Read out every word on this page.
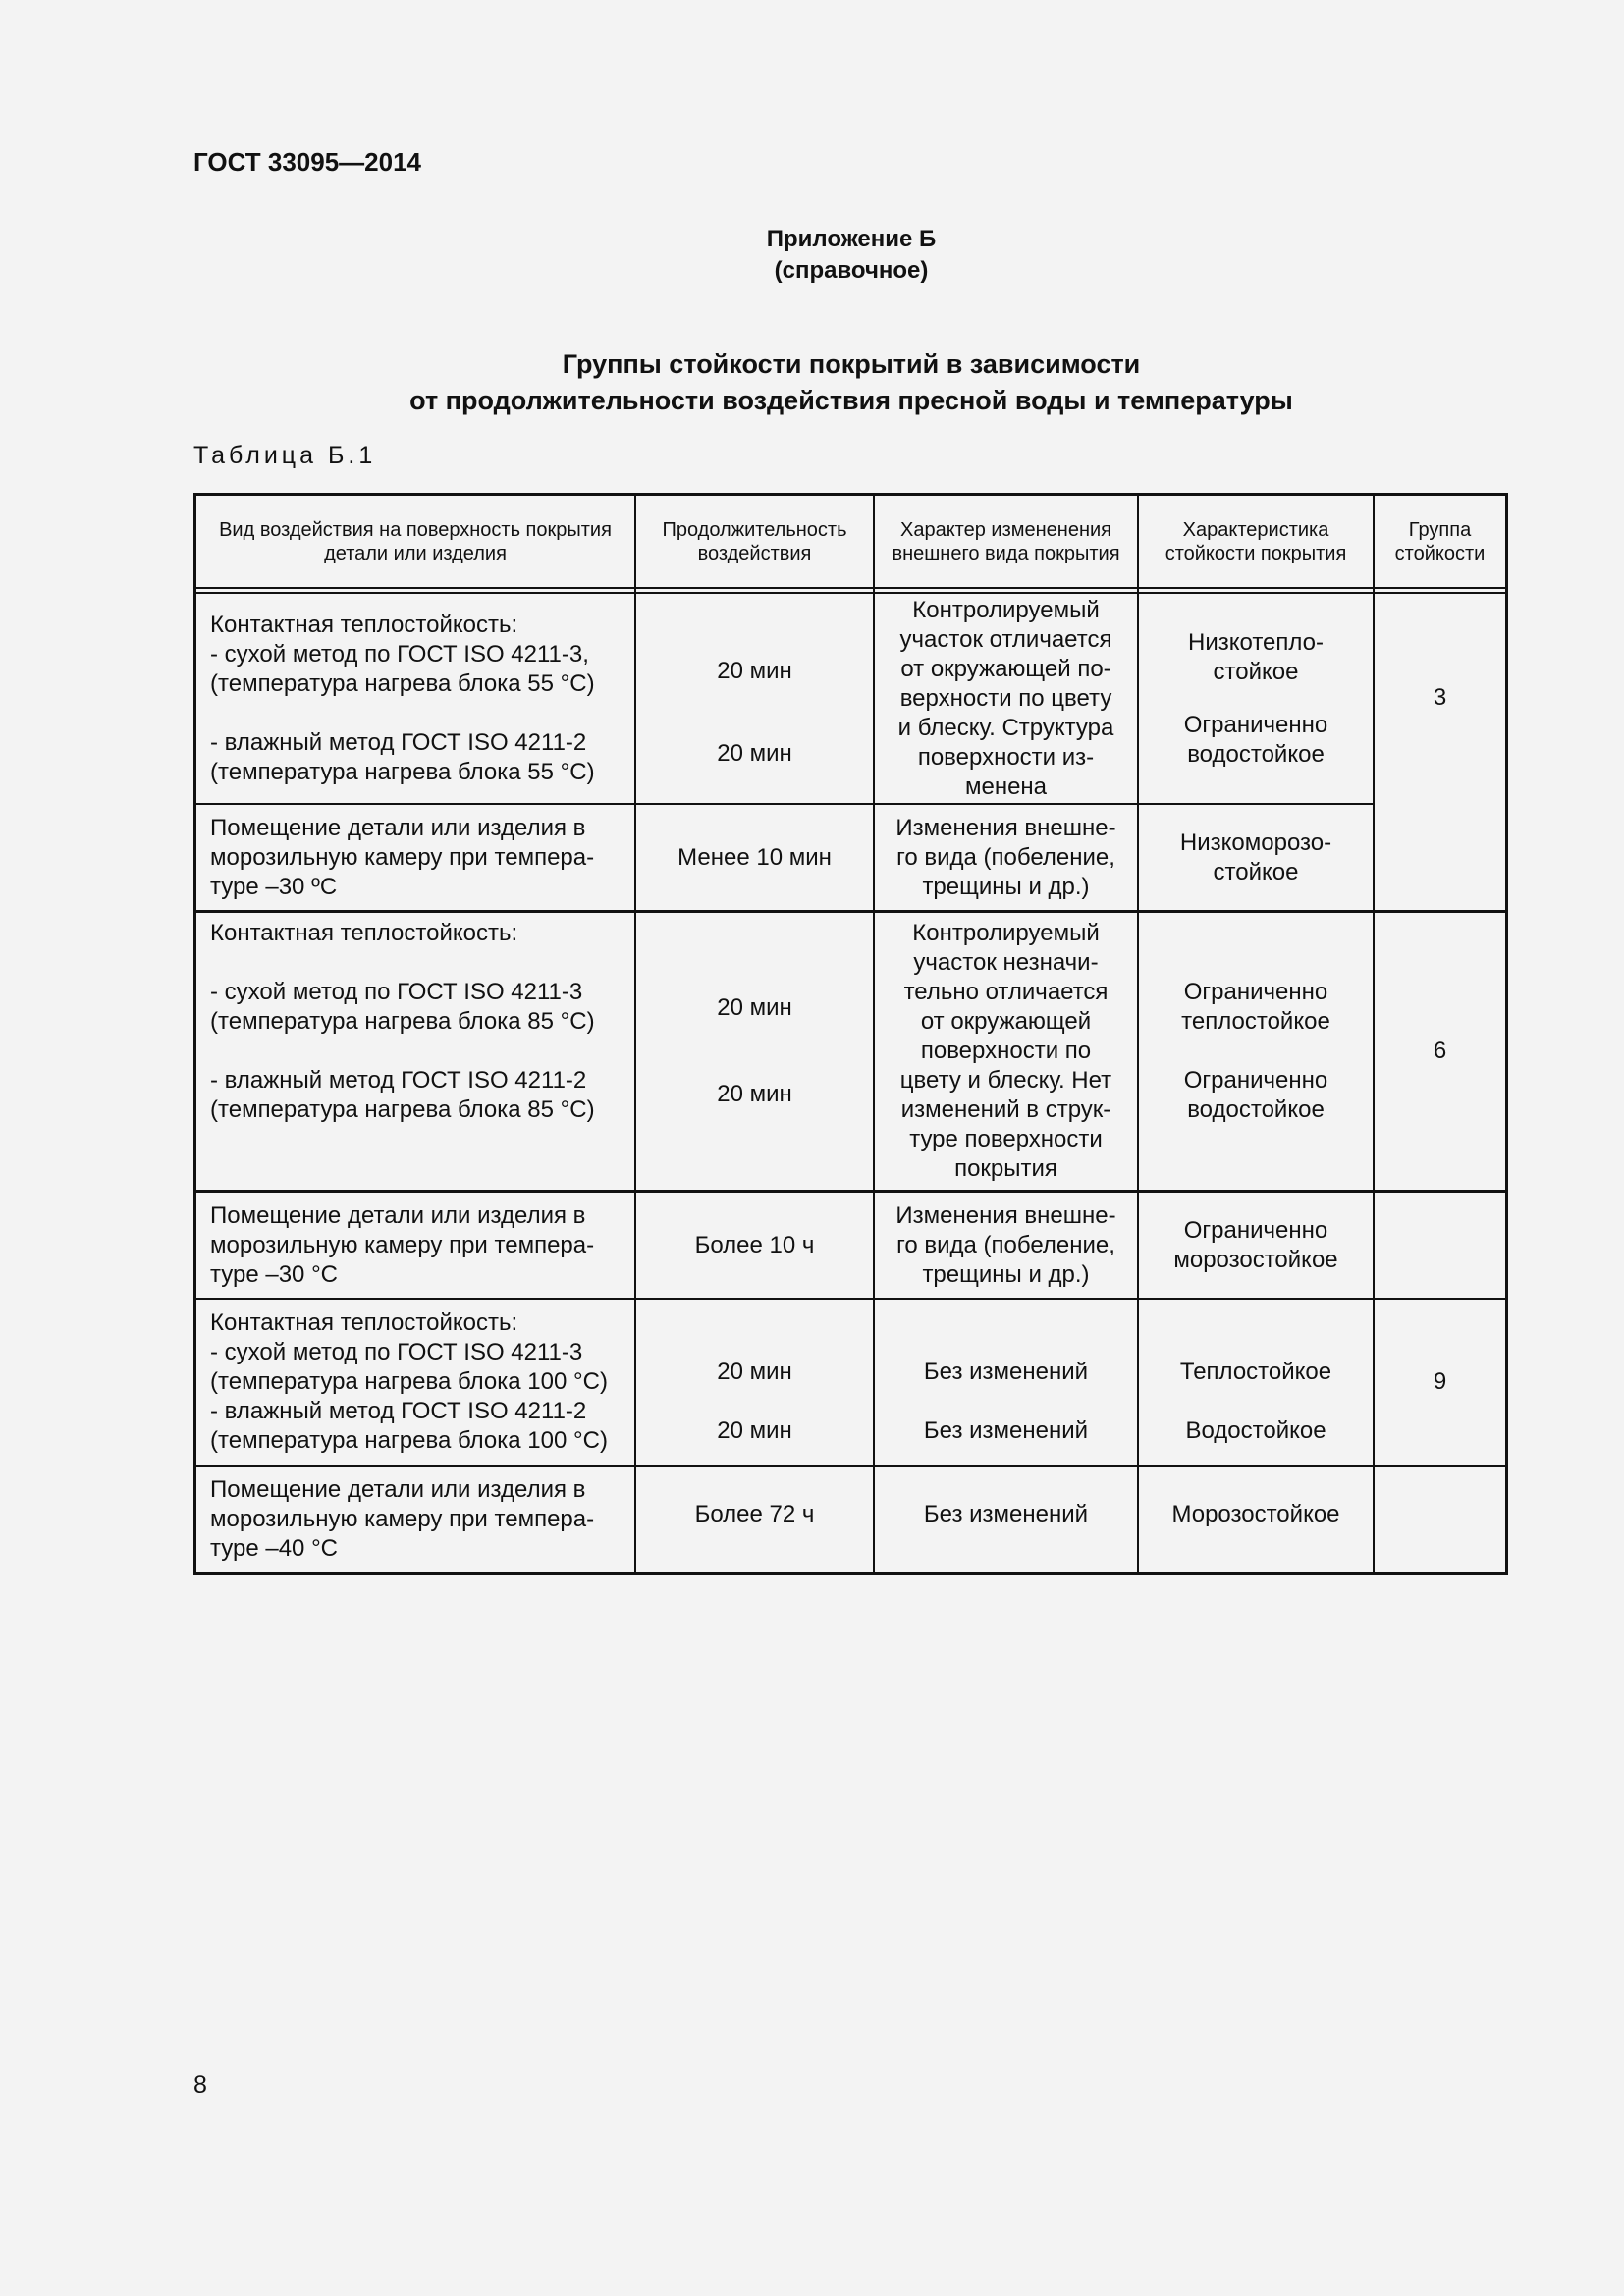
ГОСТ 33095—2014
Приложение Б
(справочное)
Группы стойкости покрытий в зависимости
от продолжительности воздействия пресной воды и температуры
Таблица Б.1
Вид воздействия на поверхность покрытия детали или изделия
Продолжительность воздействия
Характер измененения внешнего вида покрытия
Характеристика стойкости покрытия
Группа стойкости
Контактная теплостойкость:
- сухой метод по ГОСТ ISO 4211-3,
(температура нагрева блока 55 °С)
- влажный метод ГОСТ ISO 4211-2
(температура нагрева блока 55 °С)
20 мин
20 мин
Контролируемый
участок отличается
от окружающей по-
верхности по цвету
и блеску. Структура
поверхности из-
менена
Низкотепло-
стойкое
Ограниченно
водостойкое
3
Помещение детали или изделия в
морозильную камеру при темпера-
туре –30 ºС
Менее 10 мин
Изменения внешне-
го вида (побеление,
трещины и др.)
Низкоморозо-
стойкое
Контактная теплостойкость:
- сухой метод по ГОСТ ISO 4211-3
(температура нагрева блока 85 °С)
- влажный метод ГОСТ ISO 4211-2
(температура нагрева блока 85 °С)
20 мин
20 мин
Контролируемый
участок незначи-
тельно отличается
от окружающей
поверхности по
цвету и блеску. Нет
изменений в струк-
туре поверхности
покрытия
Ограниченно
теплостойкое
Ограниченно
водостойкое
6
Помещение детали или изделия в
морозильную камеру при темпера-
туре –30 °С
Более 10 ч
Изменения внешне-
го вида (побеление,
трещины и др.)
Ограниченно
морозостойкое
Контактная теплостойкость:
- сухой метод по ГОСТ ISO 4211-3
(температура нагрева блока 100 °С)
- влажный метод ГОСТ ISO 4211-2
(температура нагрева блока 100 °С)
20 мин
20 мин
Без изменений
Без изменений
Теплостойкое
Водостойкое
9
Помещение детали или изделия в
морозильную камеру при темпера-
туре –40 °С
Более 72 ч	Без изменений	Морозостойкое
8
